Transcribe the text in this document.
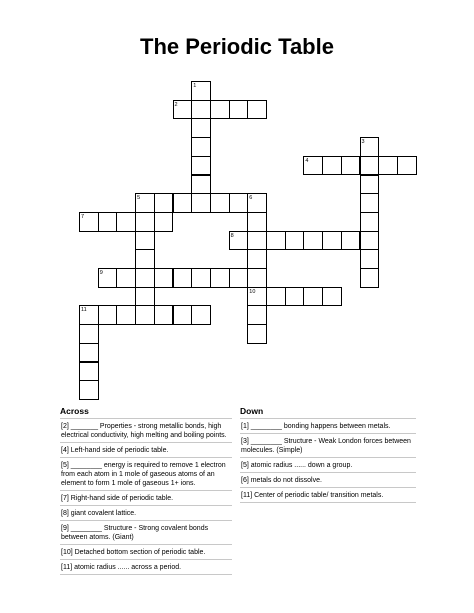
The Periodic Table
1
2
3
4
5	6
10
7
8
9
11
Across	Down
[2] _______ Properties - strong metallic bonds, high electrical conductivity, high melting and boiling points.
[4] Left-hand side of periodic table.
[5] ________ energy is required to remove 1 electron from each atom in 1 mole of gaseous atoms of an element to form 1 mole of gaseous 1+ ions.
[7] Right-hand side of periodic table.
[8] giant covalent lattice.
[9] ________ Structure - Strong covalent bonds between atoms. (Giant)
[10] Detached bottom section of periodic table.
[11] atomic radius ...... across a period.
[1] ________ bonding happens between metals.
[3] ________ Structure - Weak London forces between molecules. (Simple)
[5] atomic radius ...... down a group.
[6] metals do not dissolve.
[11] Center of periodic table/ transition metals.
